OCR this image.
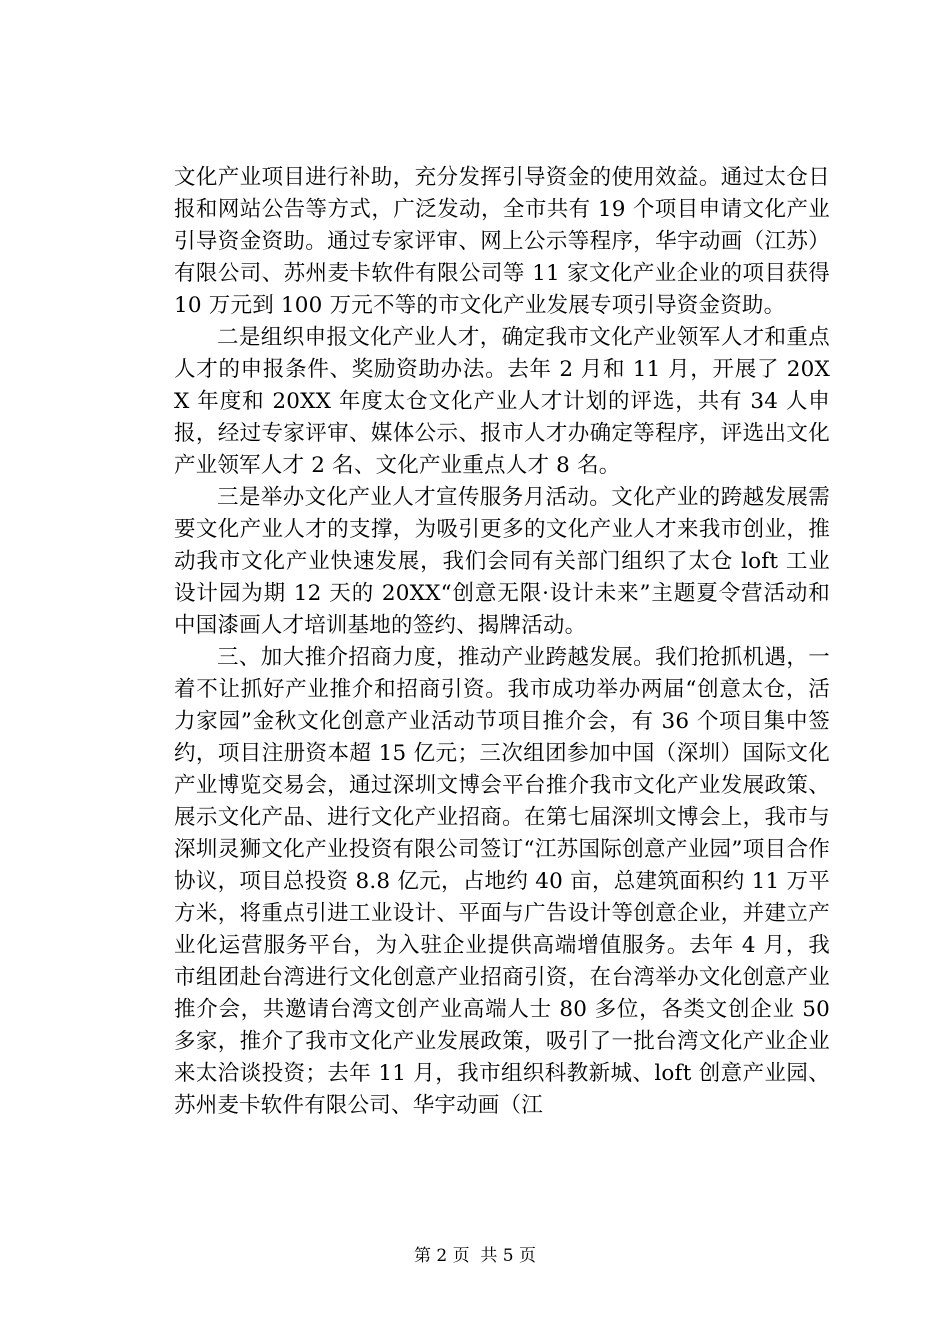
文化产业项目进行补助，充分发挥引导资金的使用效益。通过太仓日报和网站公告等方式，广泛发动，全市共有 19 个项目申请文化产业引导资金资助。通过专家评审、网上公示等程序，华宇动画（江苏）有限公司、苏州麦卡软件有限公司等 11 家文化产业企业的项目获得 10 万元到 100 万元不等的市文化产业发展专项引导资金资助。

二是组织申报文化产业人才，确定我市文化产业领军人才和重点人才的申报条件、奖励资助办法。去年 2 月和 11 月，开展了 20XX 年度和 20XX 年度太仓文化产业人才计划的评选，共有 34 人申报，经过专家评审、媒体公示、报市人才办确定等程序，评选出文化产业领军人才 2 名、文化产业重点人才 8 名。

三是举办文化产业人才宣传服务月活动。文化产业的跨越发展需要文化产业人才的支撑，为吸引更多的文化产业人才来我市创业，推动我市文化产业快速发展，我们会同有关部门组织了太仓 loft 工业设计园为期 12 天的 20XX“创意无限·设计未来”主题夏令营活动和中国漆画人才培训基地的签约、揭牌活动。

三、加大推介招商力度，推动产业跨越发展。我们抢抓机遇，一着不让抓好产业推介和招商引资。我市成功举办两届“创意太仓，活力家园”金秋文化创意产业活动节项目推介会，有 36 个项目集中签约，项目注册资本超 15 亿元；三次组团参加中国（深圳）国际文化产业博览交易会，通过深圳文博会平台推介我市文化产业发展政策、展示文化产品、进行文化产业招商。在第七届深圳文博会上，我市与深圳灵狮文化产业投资有限公司签订“江苏国际创意产业园”项目合作协议，项目总投资 8.8 亿元，占地约 40 亩，总建筑面积约 11 万平方米，将重点引进工业设计、平面与广告设计等创意企业，并建立产业化运营服务平台，为入驻企业提供高端增值服务。去年 4 月，我市组团赴台湾进行文化创意产业招商引资，在台湾举办文化创意产业推介会，共邀请台湾文创产业高端人士 80 多位，各类文创企业 50 多家，推介了我市文化产业发展政策，吸引了一批台湾文化产业企业来太洽谈投资；去年 11 月，我市组织科教新城、loft 创意产业园、苏州麦卡软件有限公司、华宇动画（江

第 2 页  共 5 页
